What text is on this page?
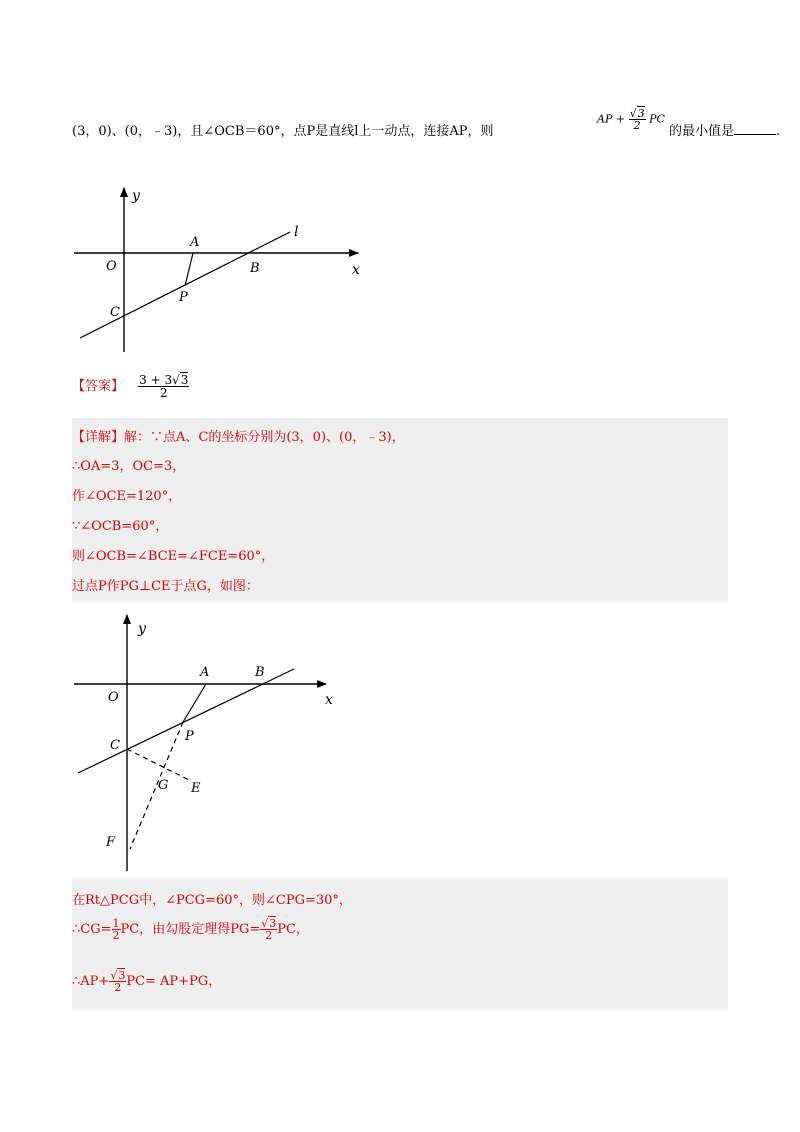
(3，0)、(0，﹣3)，且∠OCB＝60°，点P是直线l上一动点，连接AP，则
AP + $\frac{√3}{2}$ PC
的最小值是	.
y
x
O
A
B
C
P
l
【答案】 $\frac{3 + 3√3}{2}$
【详解】解：∵点A、C的坐标分别为(3，0)、(0，﹣3)，
∴OA=3，OC=3，
作∠OCE=120°，
∵∠OCB=60°，
则∠OCB=∠BCE=∠FCE=60°，
过点P作PG⊥CE于点G，如图：
y
x
O
A	B
C
P
G E
F
在Rt△PCG中，∠PCG=60°，则∠CPG=30°，
∴CG= $\frac{1}{2}$ PC，由勾股定理得$PG= \frac{√3}{2}$ PC，
∴AP+ $\frac{√3}{2} PC= AP+PG$，
